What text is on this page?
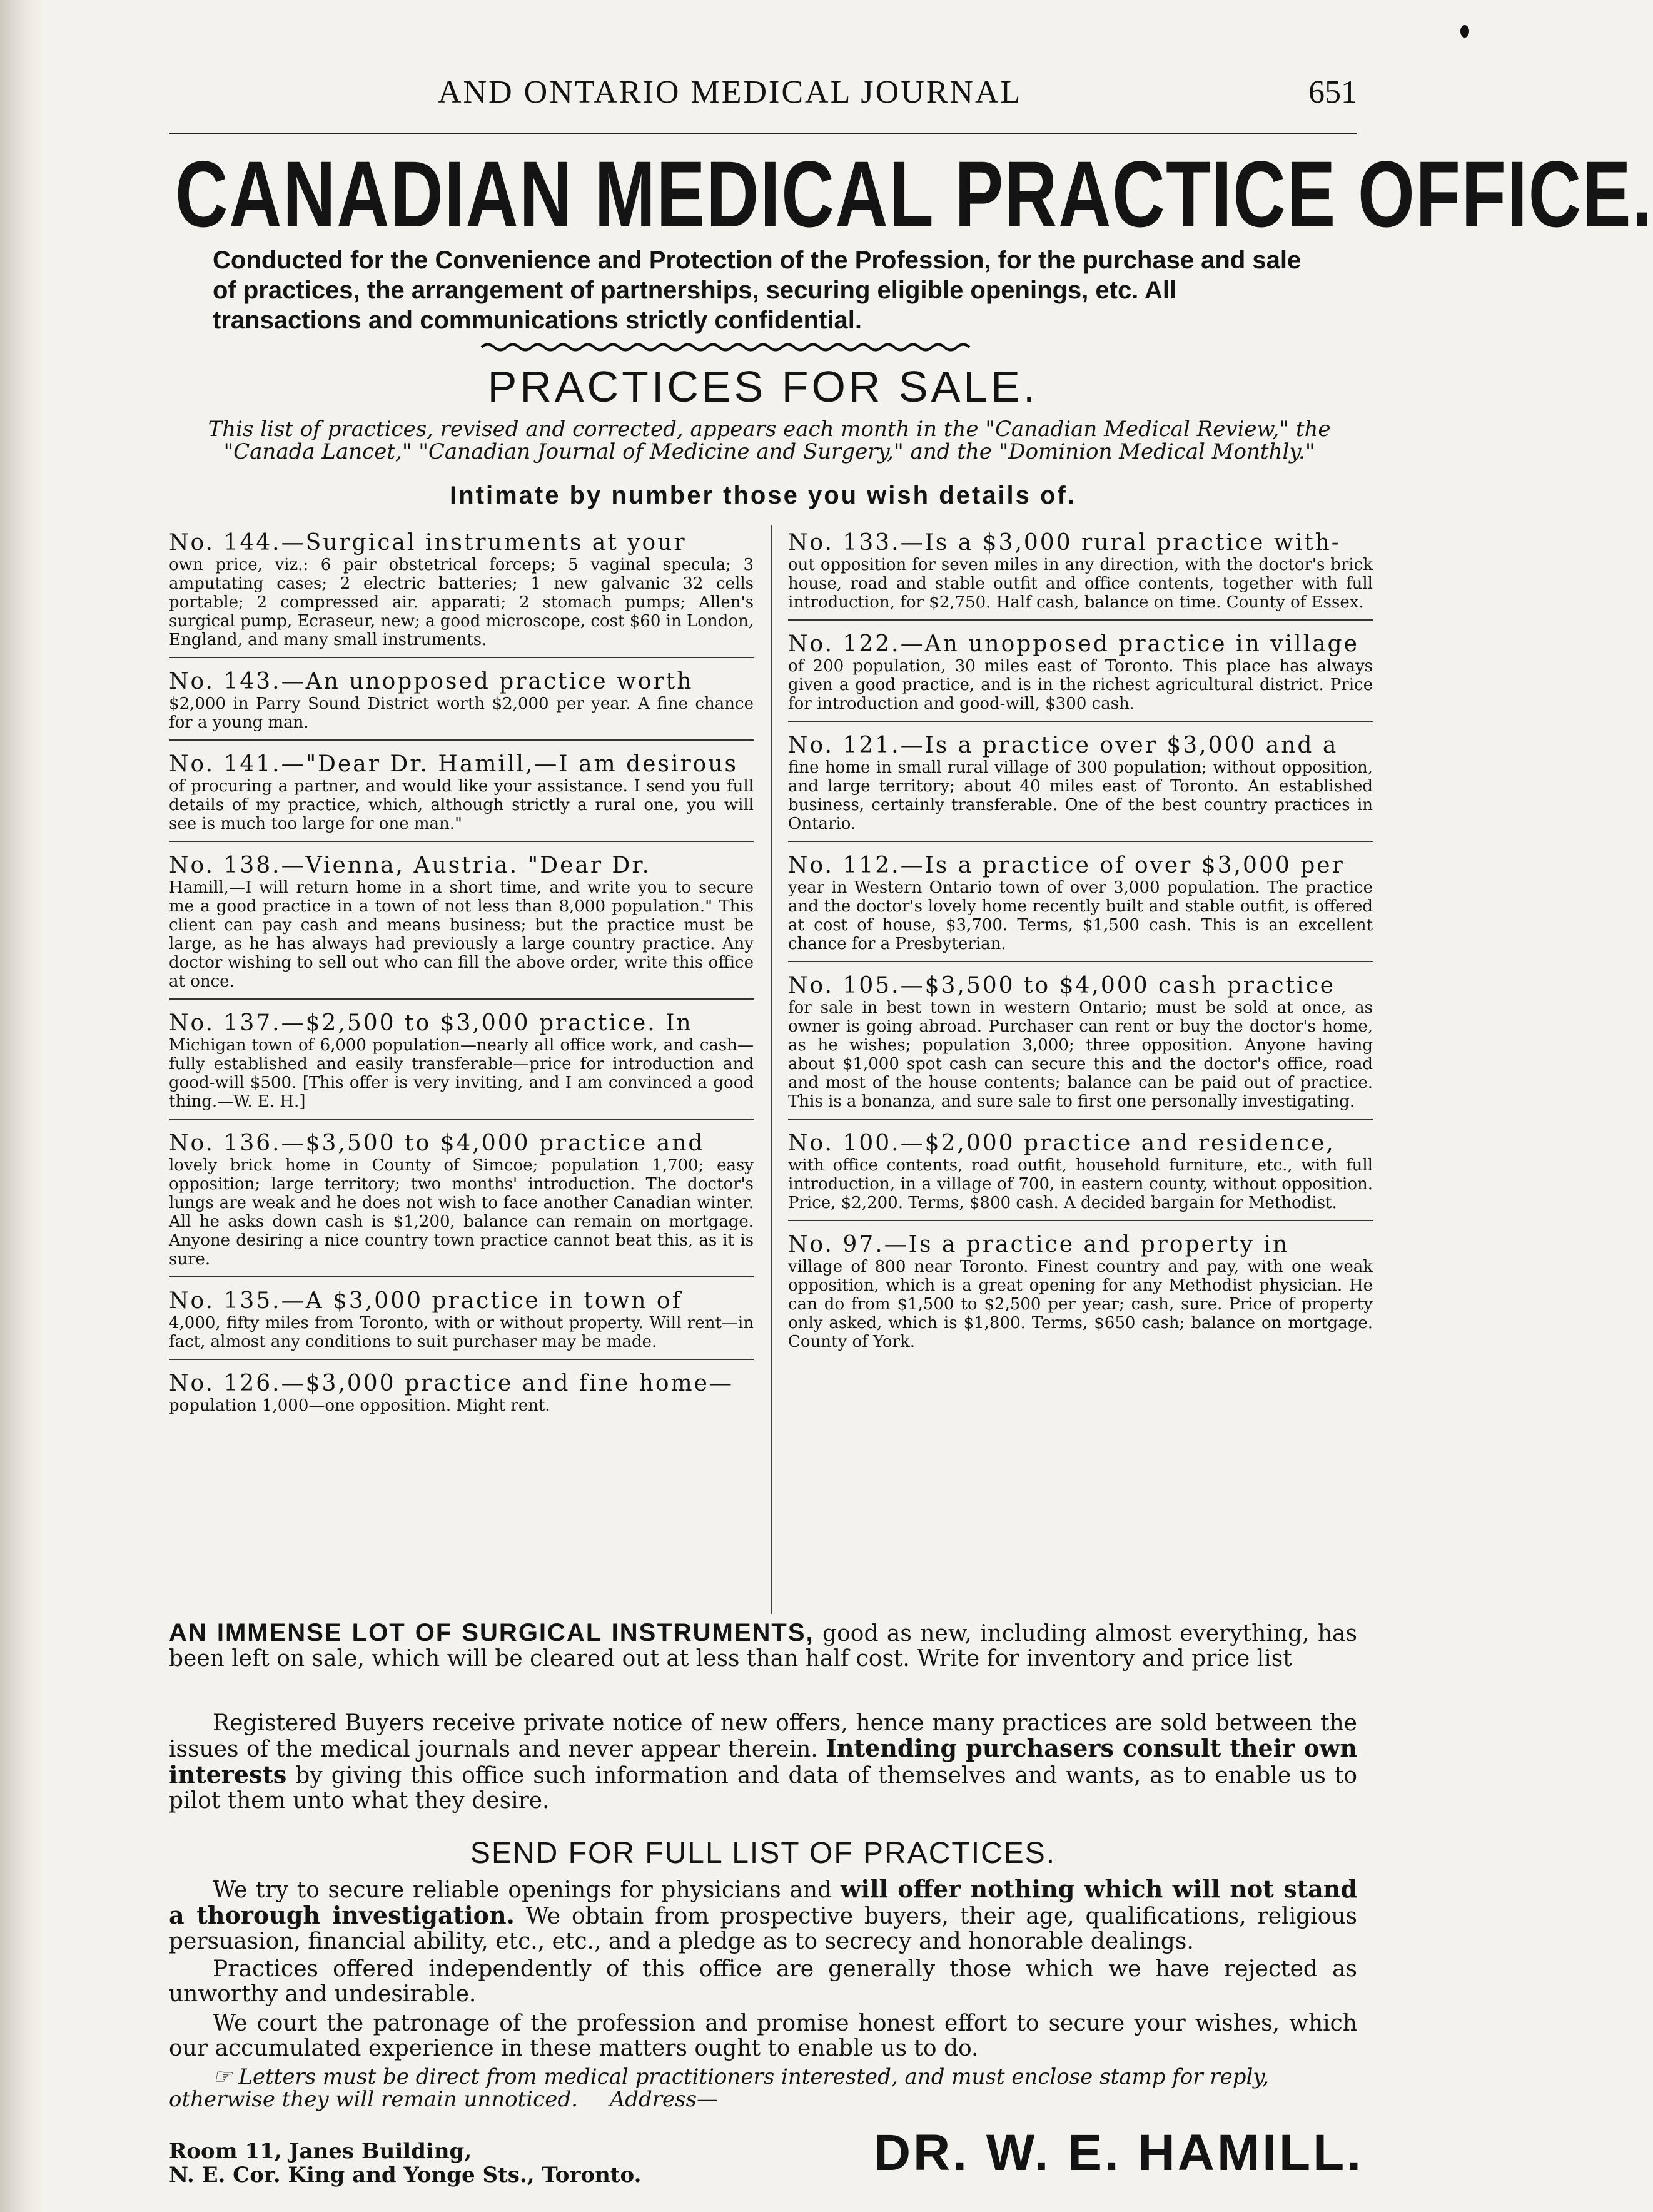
AND ONTARIO MEDICAL JOURNAL	651
CANADIAN MEDICAL PRACTICE OFFICE.
Conducted for the Convenience and Protection of the Profession, for the purchase and sale of practices, the arrangement of partnerships, securing eligible openings, etc. All transactions and communications strictly confidential.
PRACTICES FOR SALE.
This list of practices, revised and corrected, appears each month in the "Canadian Medical Review," the "Canada Lancet," "Canadian Journal of Medicine and Surgery," and the "Dominion Medical Monthly."
Intimate by number those you wish details of.
No. 144.—Surgical instruments at your
own price, viz.: 6 pair obstetrical forceps; 5 vaginal specula; 3 amputating cases; 2 electric batteries; 1 new galvanic 32 cells portable; 2 compressed air. apparati; 2 stomach pumps; Allen's surgical pump, Ecraseur, new; a good microscope, cost $60 in London, England, and many small instruments.
No. 143.—An unopposed practice worth
$2,000 in Parry Sound District worth $2,000 per year. A fine chance for a young man.
No. 141.—"Dear Dr. Hamill,—I am desirous
of procuring a partner, and would like your assistance. I send you full details of my practice, which, although strictly a rural one, you will see is much too large for one man."
No. 138.—Vienna, Austria. "Dear Dr.
Hamill,—I will return home in a short time, and write you to secure me a good practice in a town of not less than 8,000 population." This client can pay cash and means business; but the practice must be large, as he has always had previously a large country practice. Any doctor wishing to sell out who can fill the above order, write this office at once.
No. 137.—$2,500 to $3,000 practice. In
Michigan town of 6,000 population—nearly all office work, and cash—fully established and easily transferable—price for introduction and good-will $500. [This offer is very inviting, and I am convinced a good thing.—W. E. H.]
No. 136.—$3,500 to $4,000 practice and
lovely brick home in County of Simcoe; population 1,700; easy opposition; large territory; two months' introduction. The doctor's lungs are weak and he does not wish to face another Canadian winter. All he asks down cash is $1,200, balance can remain on mortgage. Anyone desiring a nice country town practice cannot beat this, as it is sure.
No. 135.—A $3,000 practice in town of
4,000, fifty miles from Toronto, with or without property. Will rent—in fact, almost any conditions to suit purchaser may be made.
No. 126.—$3,000 practice and fine home—
population 1,000—one opposition. Might rent.
No. 133.—Is a $3,000 rural practice with-
out opposition for seven miles in any direction, with the doctor's brick house, road and stable outfit and office contents, together with full introduction, for $2,750. Half cash, balance on time. County of Essex.
No. 122.—An unopposed practice in village
of 200 population, 30 miles east of Toronto. This place has always given a good practice, and is in the richest agricultural district. Price for introduction and good-will, $300 cash.
No. 121.—Is a practice over $3,000 and a
fine home in small rural village of 300 population; without opposition, and large territory; about 40 miles east of Toronto. An established business, certainly transferable. One of the best country practices in Ontario.
No. 112.—Is a practice of over $3,000 per
year in Western Ontario town of over 3,000 population. The practice and the doctor's lovely home recently built and stable outfit, is offered at cost of house, $3,700. Terms, $1,500 cash. This is an excellent chance for a Presbyterian.
No. 105.—$3,500 to $4,000 cash practice
for sale in best town in western Ontario; must be sold at once, as owner is going abroad. Purchaser can rent or buy the doctor's home, as he wishes; population 3,000; three opposition. Anyone having about $1,000 spot cash can secure this and the doctor's office, road and most of the house contents; balance can be paid out of practice. This is a bonanza, and sure sale to first one personally investigating.
No. 100.—$2,000 practice and residence,
with office contents, road outfit, household furniture, etc., with full introduction, in a village of 700, in eastern county, without opposition. Price, $2,200. Terms, $800 cash. A decided bargain for Methodist.
No. 97.—Is a practice and property in
village of 800 near Toronto. Finest country and pay, with one weak opposition, which is a great opening for any Methodist physician. He can do from $1,500 to $2,500 per year; cash, sure. Price of property only asked, which is $1,800. Terms, $650 cash; balance on mortgage. County of York.
AN IMMENSE LOT OF SURGICAL INSTRUMENTS, good as new, including almost everything, has been left on sale, which will be cleared out at less than half cost. Write for inventory and price list
Registered Buyers receive private notice of new offers, hence many practices are sold between the issues of the medical journals and never appear therein. Intending purchasers consult their own interests by giving this office such information and data of themselves and wants, as to enable us to pilot them unto what they desire.
SEND FOR FULL LIST OF PRACTICES.
We try to secure reliable openings for physicians and will offer nothing which will not stand a thorough investigation. We obtain from prospective buyers, their age, qualifications, religious persuasion, financial ability, etc., etc., and a pledge as to secrecy and honorable dealings.
Practices offered independently of this office are generally those which we have rejected as unworthy and undesirable.
We court the patronage of the profession and promise honest effort to secure your wishes, which our accumulated experience in these matters ought to enable us to do.
☞ Letters must be direct from medical practitioners interested, and must enclose stamp for reply, otherwise they will remain unnoticed. Address—
Room 11, Janes Building,
N. E. Cor. King and Yonge Sts., Toronto.	DR. W. E. HAMILL.
